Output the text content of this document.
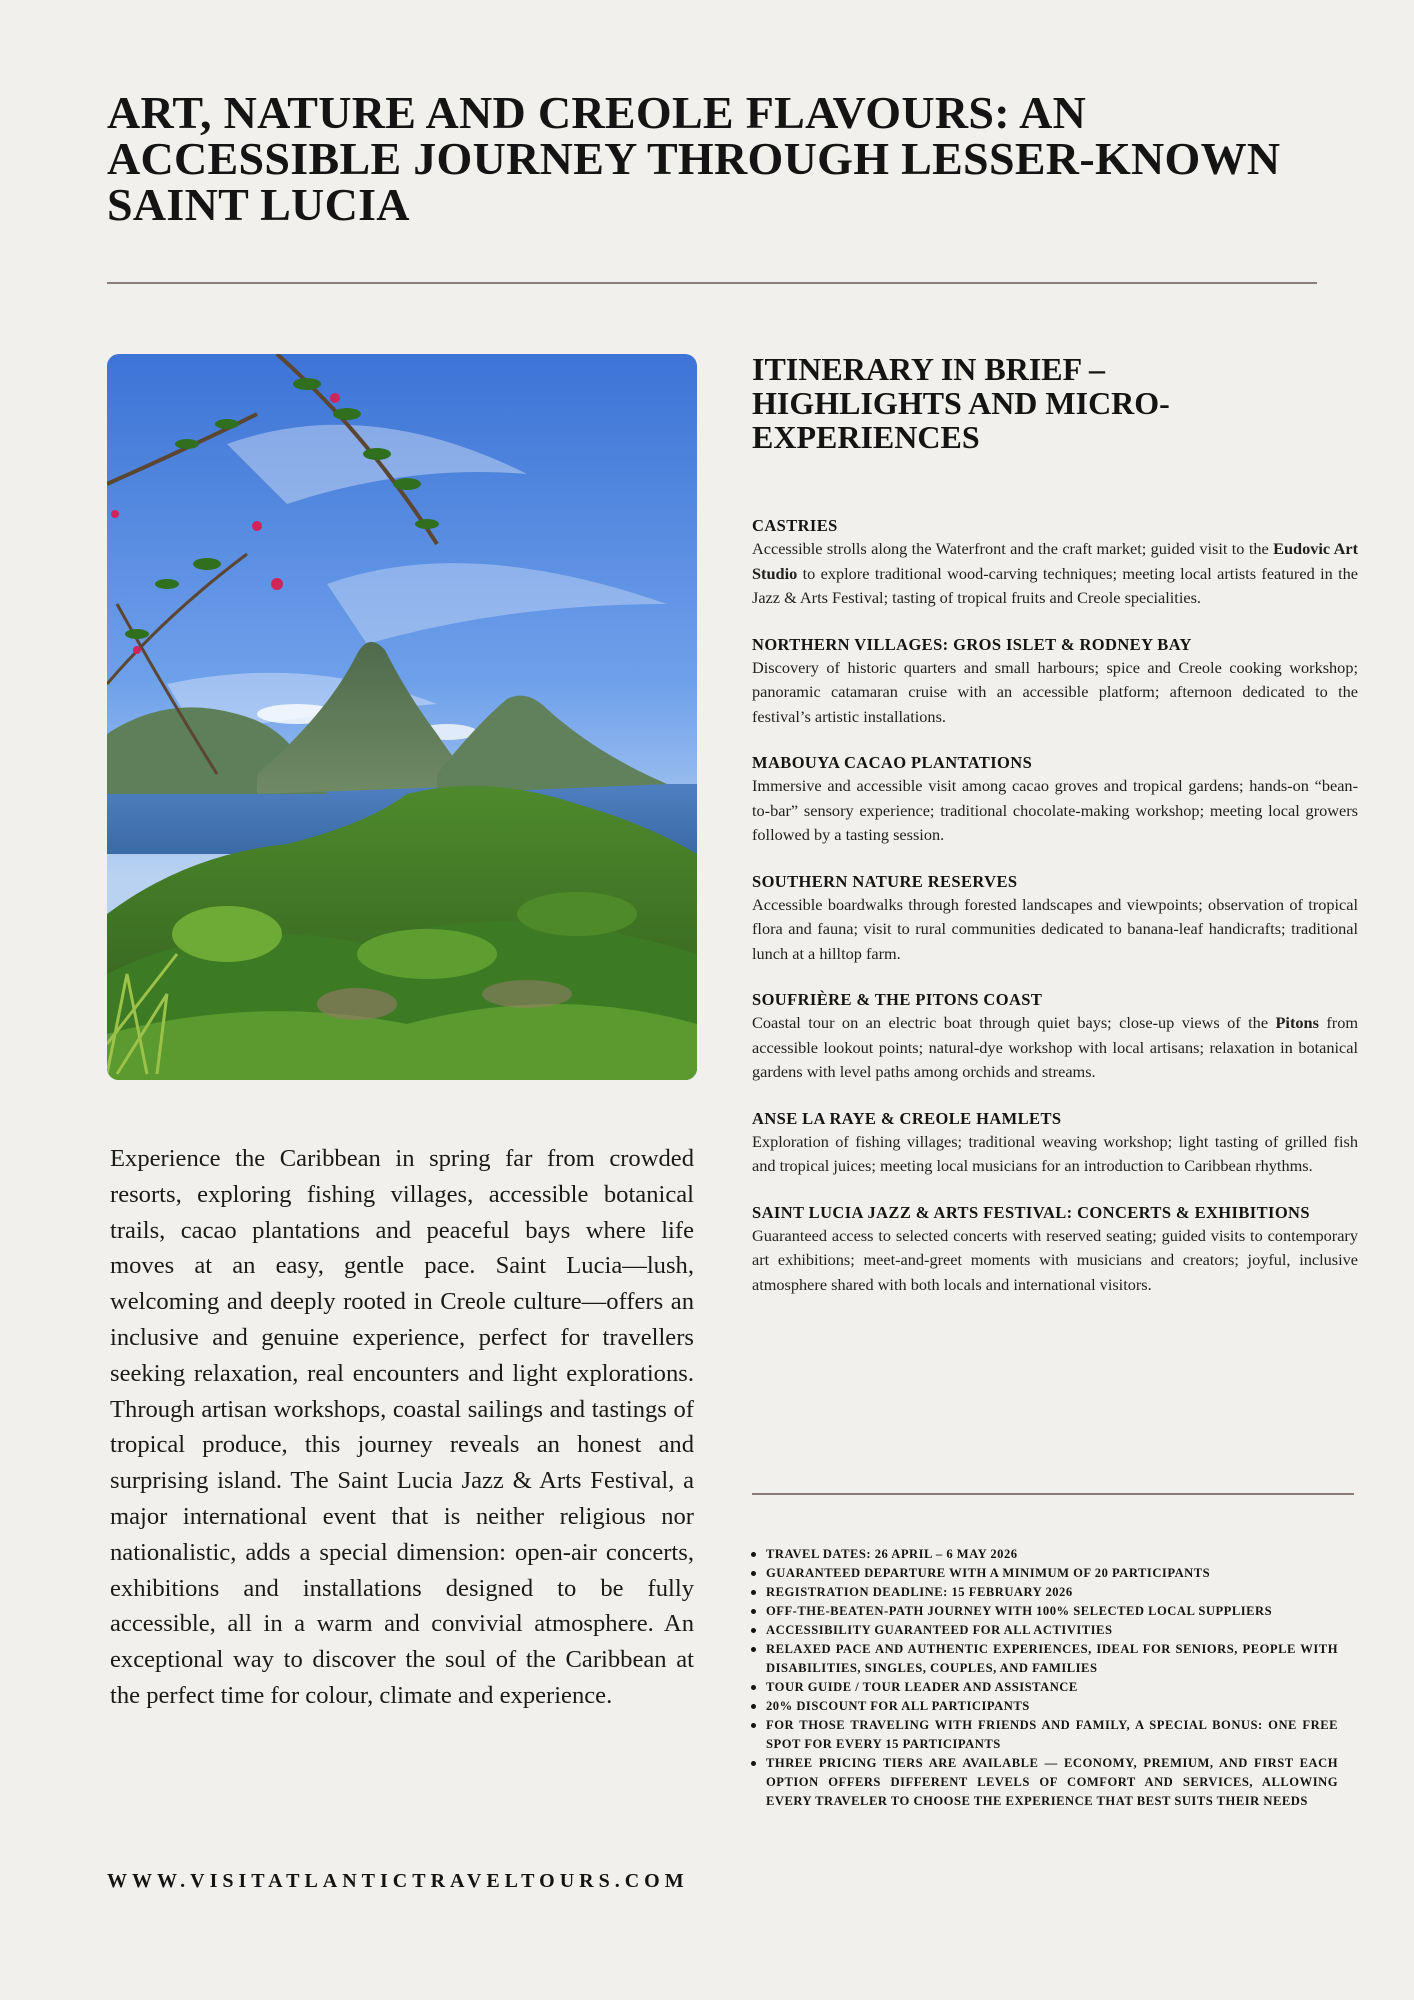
ART, NATURE AND CREOLE FLAVOURS: AN ACCESSIBLE JOURNEY THROUGH LESSER-KNOWN SAINT LUCIA

Experience the Caribbean in spring far from crowded resorts, exploring fishing villages, accessible botanical trails, cacao plantations and peaceful bays where life moves at an easy, gentle pace. Saint Lucia—lush, welcoming and deeply rooted in Creole culture—offers an inclusive and genuine experience, perfect for travellers seeking relaxation, real encounters and light explorations. Through artisan workshops, coastal sailings and tastings of tropical produce, this journey reveals an honest and surprising island. The Saint Lucia Jazz & Arts Festival, a major international event that is neither religious nor nationalistic, adds a special dimension: open-air concerts, exhibitions and installations designed to be fully accessible, all in a warm and convivial atmosphere. An exceptional way to discover the soul of the Caribbean at the perfect time for colour, climate and experience.

WWW.VISITATLANTICTRAVELTOURS.COM
ITINERARY IN BRIEF – HIGHLIGHTS AND MICRO-EXPERIENCES
CASTRIES
Accessible strolls along the Waterfront and the craft market; guided visit to the Eudovic Art Studio to explore traditional wood-carving techniques; meeting local artists featured in the Jazz & Arts Festival; tasting of tropical fruits and Creole specialities.
NORTHERN VILLAGES: GROS ISLET & RODNEY BAY
Discovery of historic quarters and small harbours; spice and Creole cooking workshop; panoramic catamaran cruise with an accessible platform; afternoon dedicated to the festival’s artistic installations.
MABOUYA CACAO PLANTATIONS
Immersive and accessible visit among cacao groves and tropical gardens; hands-on “bean-to-bar” sensory experience; traditional chocolate-making workshop; meeting local growers followed by a tasting session.
SOUTHERN NATURE RESERVES
Accessible boardwalks through forested landscapes and viewpoints; observation of tropical flora and fauna; visit to rural communities dedicated to banana-leaf handicrafts; traditional lunch at a hilltop farm.
SOUFRIÈRE & THE PITONS COAST
Coastal tour on an electric boat through quiet bays; close-up views of the Pitons from accessible lookout points; natural-dye workshop with local artisans; relaxation in botanical gardens with level paths among orchids and streams.
ANSE LA RAYE & CREOLE HAMLETS
Exploration of fishing villages; traditional weaving workshop; light tasting of grilled fish and tropical juices; meeting local musicians for an introduction to Caribbean rhythms.
SAINT LUCIA JAZZ & ARTS FESTIVAL: CONCERTS & EXHIBITIONS
Guaranteed access to selected concerts with reserved seating; guided visits to contemporary art exhibitions; meet-and-greet moments with musicians and creators; joyful, inclusive atmosphere shared with both locals and international visitors.
TRAVEL DATES: 26 APRIL – 6 MAY 2026
GUARANTEED DEPARTURE WITH A MINIMUM OF 20 PARTICIPANTS
REGISTRATION DEADLINE: 15 FEBRUARY 2026
OFF-THE-BEATEN-PATH JOURNEY WITH 100% SELECTED LOCAL SUPPLIERS
ACCESSIBILITY GUARANTEED FOR ALL ACTIVITIES
RELAXED PACE AND AUTHENTIC EXPERIENCES, IDEAL FOR SENIORS, PEOPLE WITH DISABILITIES, SINGLES, COUPLES, AND FAMILIES
TOUR GUIDE / TOUR LEADER AND ASSISTANCE
20% DISCOUNT FOR ALL PARTICIPANTS
FOR THOSE TRAVELING WITH FRIENDS AND FAMILY, A SPECIAL BONUS: ONE FREE SPOT FOR EVERY 15 PARTICIPANTS
THREE PRICING TIERS ARE AVAILABLE — ECONOMY, PREMIUM, AND FIRST EACH OPTION OFFERS DIFFERENT LEVELS OF COMFORT AND SERVICES, ALLOWING EVERY TRAVELER TO CHOOSE THE EXPERIENCE THAT BEST SUITS THEIR NEEDS
